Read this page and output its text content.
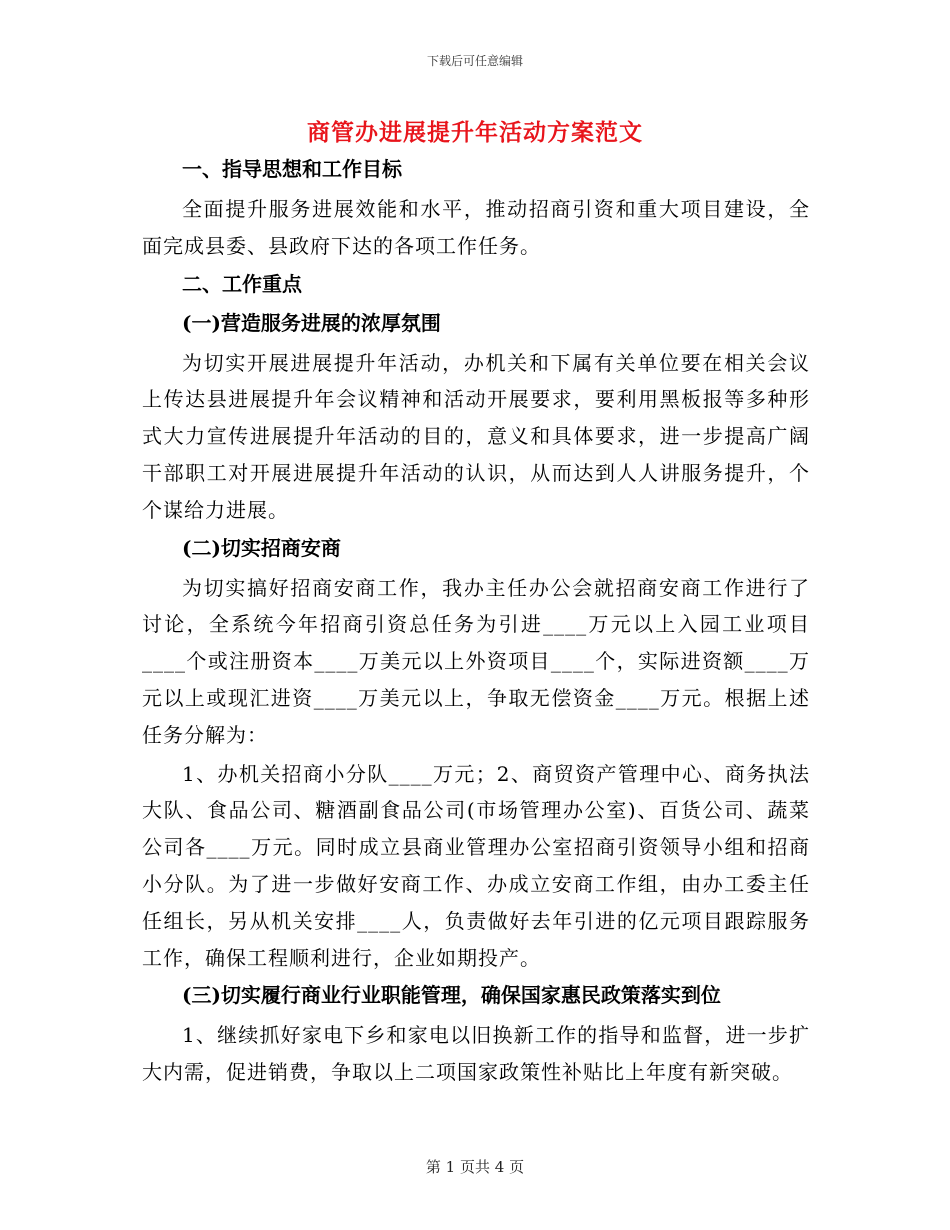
下载后可任意编辑
商管办进展提升年活动方案范文
一、指导思想和工作目标
全面提升服务进展效能和水平，推动招商引资和重大项目建设，全面完成县委、县政府下达的各项工作任务。
二、工作重点
(一)营造服务进展的浓厚氛围
为切实开展进展提升年活动，办机关和下属有关单位要在相关会议上传达县进展提升年会议精神和活动开展要求，要利用黑板报等多种形式大力宣传进展提升年活动的目的，意义和具体要求，进一步提高广阔干部职工对开展进展提升年活动的认识，从而达到人人讲服务提升，个个谋给力进展。
(二)切实招商安商
为切实搞好招商安商工作，我办主任办公会就招商安商工作进行了讨论，全系统今年招商引资总任务为引进____万元以上入园工业项目____个或注册资本____万美元以上外资项目____个，实际进资额____万元以上或现汇进资____万美元以上，争取无偿资金____万元。根据上述任务分解为：
1、办机关招商小分队____万元；2、商贸资产管理中心、商务执法大队、食品公司、糖酒副食品公司(市场管理办公室)、百货公司、蔬菜公司各____万元。同时成立县商业管理办公室招商引资领导小组和招商小分队。为了进一步做好安商工作、办成立安商工作组，由办工委主任任组长，另从机关安排____人，负责做好去年引进的亿元项目跟踪服务工作，确保工程顺利进行，企业如期投产。
(三)切实履行商业行业职能管理，确保国家惠民政策落实到位
1、继续抓好家电下乡和家电以旧换新工作的指导和监督，进一步扩大内需，促进销费，争取以上二项国家政策性补贴比上年度有新突破。
第 1 页共 4 页
